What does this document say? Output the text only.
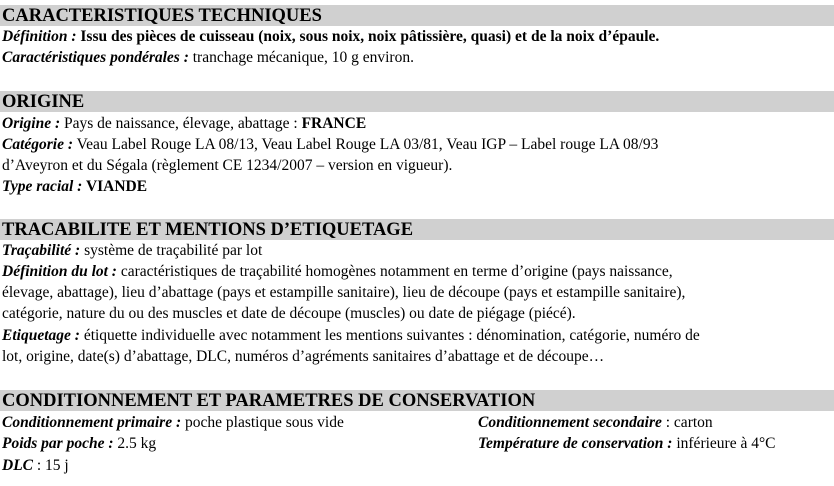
CARACTERISTIQUES TECHNIQUES
Définition : Issu des pièces de cuisseau (noix, sous noix, noix pâtissière, quasi) et de la noix d’épaule.
Caractéristiques pondérales : tranchage mécanique, 10 g environ.
ORIGINE
Origine : Pays de naissance, élevage, abattage : FRANCE
Catégorie : Veau Label Rouge LA 08/13, Veau Label Rouge LA 03/81, Veau IGP – Label rouge LA 08/93
d’Aveyron et du Ségala (règlement CE 1234/2007 – version en vigueur).
Type racial : VIANDE
TRACABILITE ET MENTIONS D’ETIQUETAGE
Traçabilité : système de traçabilité par lot
Définition du lot : caractéristiques de traçabilité homogènes notamment en terme d’origine (pays naissance,
élevage, abattage), lieu d’abattage (pays et estampille sanitaire), lieu de découpe (pays et estampille sanitaire),
catégorie, nature du ou des muscles et date de découpe (muscles) ou date de piégage (piécé).
Etiquetage : étiquette individuelle avec notamment les mentions suivantes : dénomination, catégorie, numéro de
lot, origine, date(s) d’abattage, DLC, numéros d’agréments sanitaires d’abattage et de découpe…
CONDITIONNEMENT ET PARAMETRES DE CONSERVATION
Conditionnement primaire : poche plastique sous vide	Conditionnement secondaire : carton
Poids par poche : 2.5 kg	Température de conservation : inférieure à 4°C
DLC : 15 j
